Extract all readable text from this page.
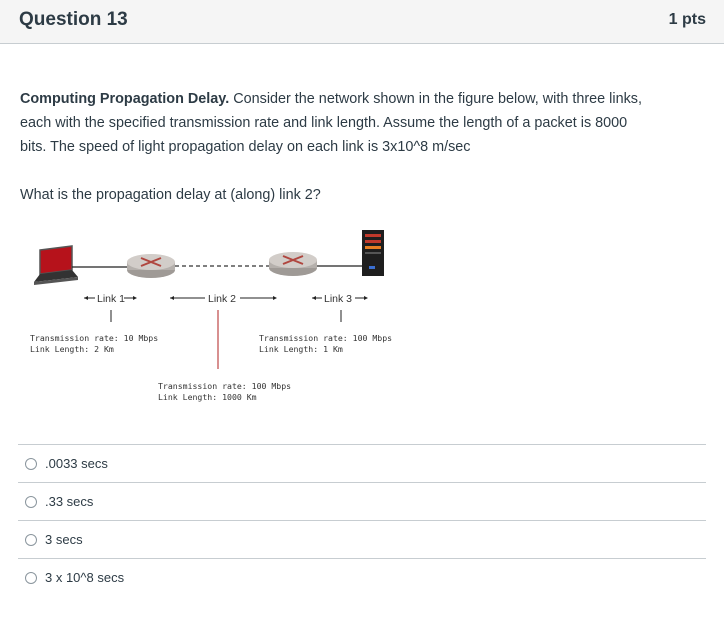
Question 13	1 pts
Computing Propagation Delay. Consider the network shown in the figure below, with three links,
each with the specified transmission rate and link length. Assume the length of a packet is 8000
bits. The speed of light propagation delay on each link is 3x10^8 m/sec
What is the propagation delay at (along) link 2?
Link 1	Link 2	Link 3
Transmission rate: 10 Mbps
Link Length: 2 Km
Transmission rate: 100 Mbps
Link Length: 1 Km
Transmission rate: 100 Mbps
Link Length: 1000 Km
.0033 secs
.33 secs
3 secs
3 x 10^8 secs
